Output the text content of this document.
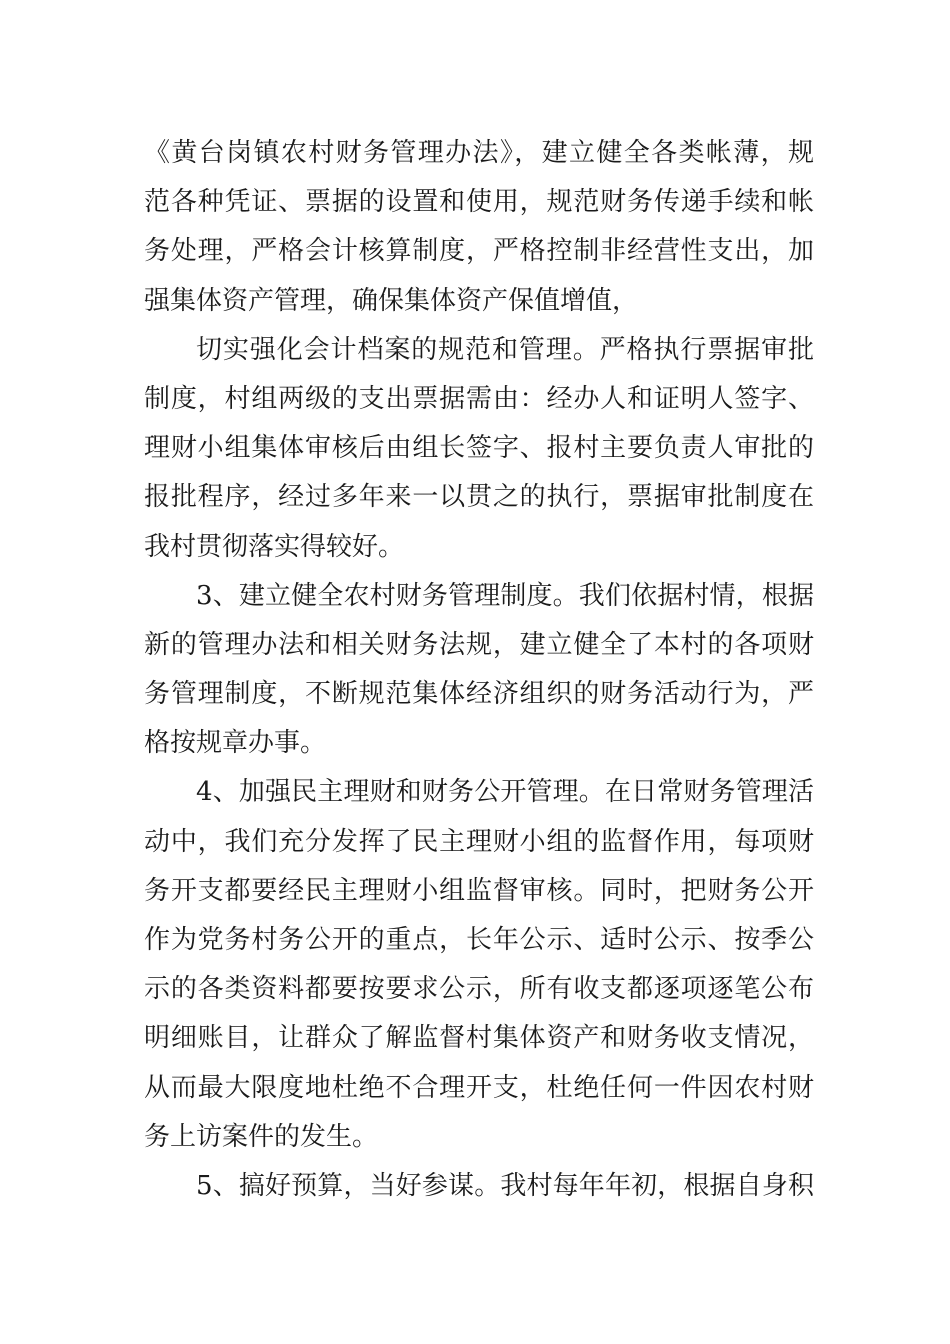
《黄台岗镇农村财务管理办法》，建立健全各类帐薄，规
范各种凭证、票据的设置和使用，规范财务传递手续和帐
务处理，严格会计核算制度，严格控制非经营性支出，加
强集体资产管理，确保集体资产保值增值，
切实强化会计档案的规范和管理。严格执行票据审批
制度，村组两级的支出票据需由：经办人和证明人签字、
理财小组集体审核后由组长签字、报村主要负责人审批的
报批程序，经过多年来一以贯之的执行，票据审批制度在
我村贯彻落实得较好。
3、建立健全农村财务管理制度。我们依据村情，根据
新的管理办法和相关财务法规，建立健全了本村的各项财
务管理制度，不断规范集体经济组织的财务活动行为，严
格按规章办事。
4、加强民主理财和财务公开管理。在日常财务管理活
动中，我们充分发挥了民主理财小组的监督作用，每项财
务开支都要经民主理财小组监督审核。同时，把财务公开
作为党务村务公开的重点，长年公示、适时公示、按季公
示的各类资料都要按要求公示，所有收支都逐项逐笔公布
明细账目，让群众了解监督村集体资产和财务收支情况，
从而最大限度地杜绝不合理开支，杜绝任何一件因农村财
务上访案件的发生。
5、搞好预算，当好参谋。我村每年年初，根据自身积
